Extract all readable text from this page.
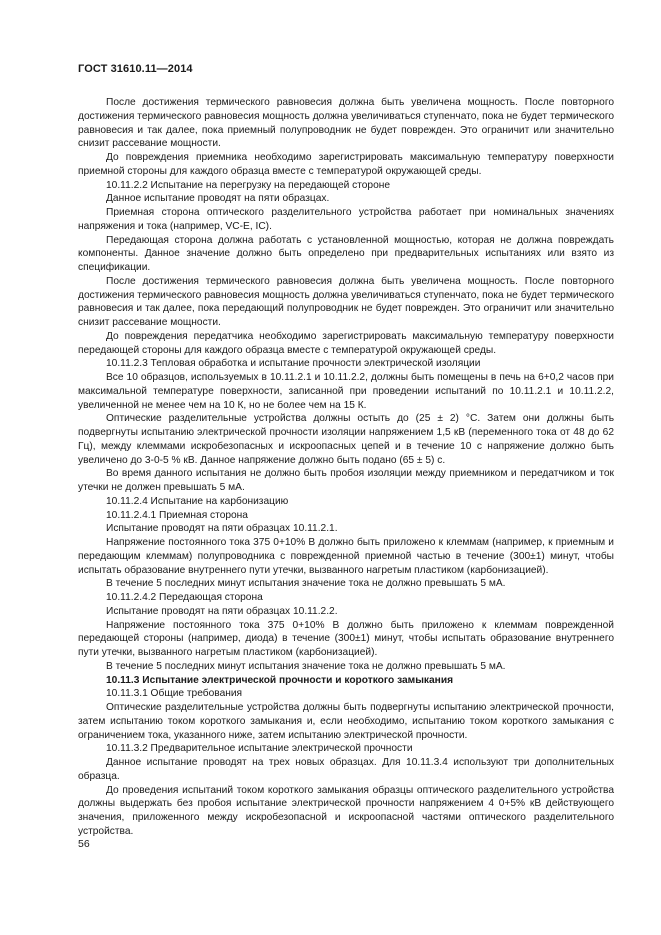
ГОСТ 31610.11—2014

После достижения термического равновесия должна быть увеличена мощность. После повторного достижения термического равновесия мощность должна увеличиваться ступенчато, пока не будет термического равновесия и так далее, пока приемный полупроводник не будет поврежден. Это ограничит или значительно снизит рассевание мощности.

До повреждения приемника необходимо зарегистрировать максимальную температуру поверхности приемной стороны для каждого образца вместе с температурой окружающей среды.

10.11.2.2 Испытание на перегрузку на передающей стороне

Данное испытание проводят на пяти образцах.

Приемная сторона оптического разделительного устройства работает при номинальных значениях напряжения и тока (например, VC-E, IC).

Передающая сторона должна работать с установленной мощностью, которая не должна повреждать компоненты. Данное значение должно быть определено при предварительных испытаниях или взято из спецификации.

После достижения термического равновесия должна быть увеличена мощность. После повторного достижения термического равновесия мощность должна увеличиваться ступенчато, пока не будет термического равновесия и так далее, пока передающий полупроводник не будет поврежден. Это ограничит или значительно снизит рассевание мощности.

До повреждения передатчика необходимо зарегистрировать максимальную температуру поверхности передающей стороны для каждого образца вместе с температурой окружающей среды.

10.11.2.3 Тепловая обработка и испытание прочности электрической изоляции

Все 10 образцов, используемых в 10.11.2.1 и 10.11.2.2, должны быть помещены в печь на 6+0,2 часов при максимальной температуре поверхности, записанной при проведении испытаний по 10.11.2.1 и 10.11.2.2, увеличенной не менее чем на 10 К, но не более чем на 15 К.

Оптические разделительные устройства должны остыть до (25 ± 2) °С. Затем они должны быть подвергнуты испытанию электрической прочности изоляции напряжением 1,5 кВ (переменного тока от 48 до 62 Гц), между клеммами искробезопасных и искроопасных цепей и в течение 10 с напряжение должно быть увеличено до 3-0-5 % кВ. Данное напряжение должно быть подано (65 ± 5) с.

Во время данного испытания не должно быть пробоя изоляции между приемником и передатчиком и ток утечки не должен превышать 5 мА.

10.11.2.4 Испытание на карбонизацию

10.11.2.4.1 Приемная сторона

Испытание проводят на пяти образцах 10.11.2.1.

Напряжение постоянного тока 375 0+10% В должно быть приложено к клеммам (например, к приемным и передающим клеммам) полупроводника с поврежденной приемной частью в течение (300±1) минут, чтобы испытать образование внутреннего пути утечки, вызванного нагретым пластиком (карбонизацией).

В течение 5 последних минут испытания значение тока не должно превышать 5 мА.

10.11.2.4.2 Передающая сторона

Испытание проводят на пяти образцах 10.11.2.2.

Напряжение постоянного тока 375 0+10% В должно быть приложено к клеммам поврежденной передающей стороны (например, диода) в течение (300±1) минут, чтобы испытать образование внутреннего пути утечки, вызванного нагретым пластиком (карбонизацией).

В течение 5 последних минут испытания значение тока не должно превышать 5 мА.

10.11.3 Испытание электрической прочности и короткого замыкания

10.11.3.1 Общие требования

Оптические разделительные устройства должны быть подвергнуты испытанию электрической прочности, затем испытанию током короткого замыкания и, если необходимо, испытанию током короткого замыкания с ограничением тока, указанного ниже, затем испытанию электрической прочности.

10.11.3.2 Предварительное испытание электрической прочности

Данное испытание проводят на трех новых образцах. Для 10.11.3.4 используют три дополнительных образца.

До проведения испытаний током короткого замыкания образцы оптического разделительного устройства должны выдержать без пробоя испытание электрической прочности напряжением 4 0+5% кВ действующего значения, приложенного между искробезопасной и искроопасной частями оптического разделительного устройства.

56
